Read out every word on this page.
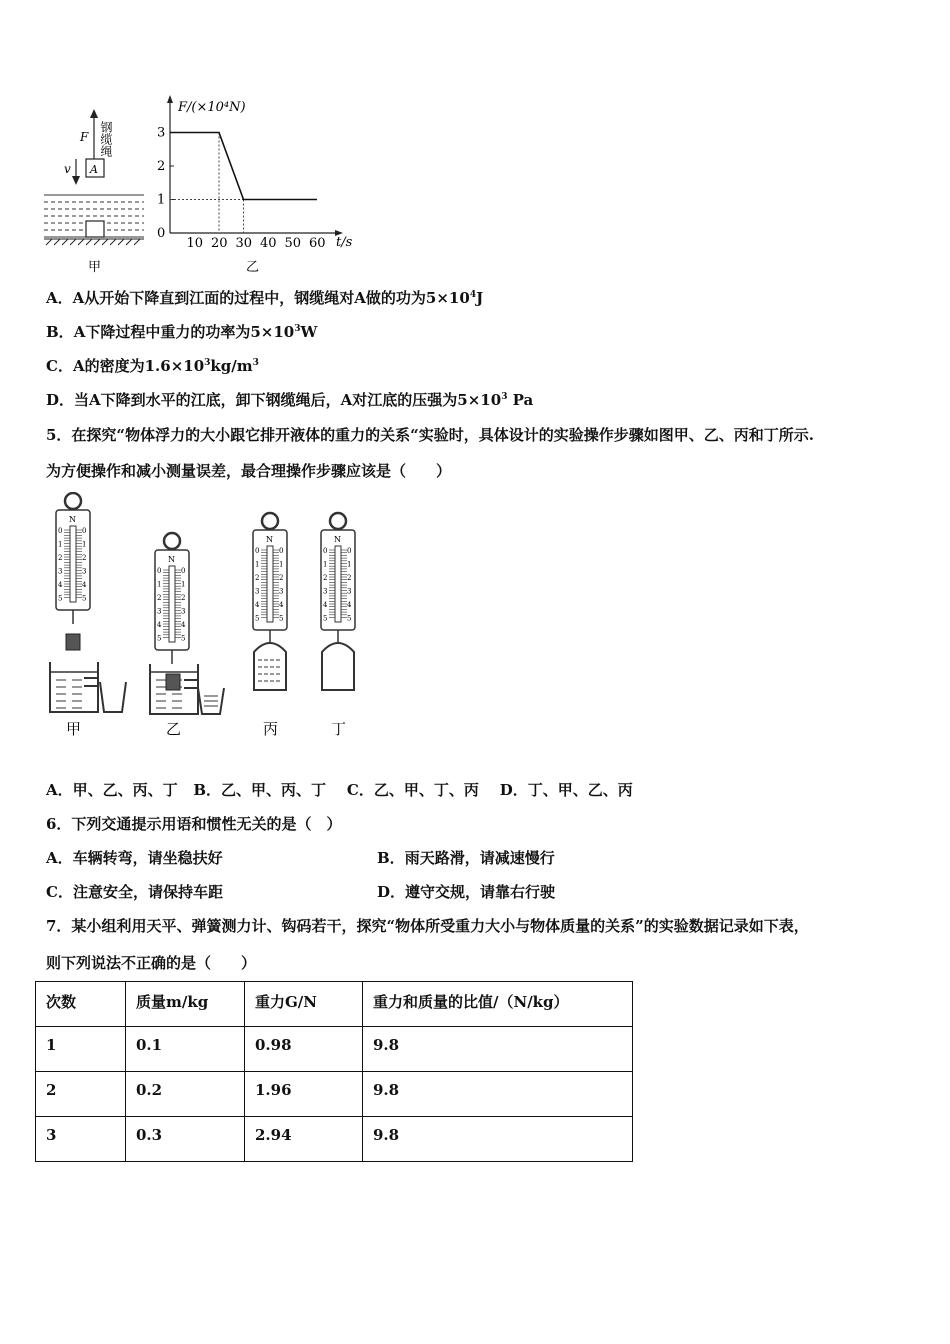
钢缆绳
F
v A
甲
F/(×10⁴N)
t/s
乙
10 20 30 40 50 60
0
1
2
3
A．A从开始下降直到江面的过程中，钢缆绳对A做的功为$5\times 10^4J$
B．A下降过程中重力的功率为$5\times 10^3W$
C．A的密度为$1.6\times 10^3kg/m^3$
D．当A下降到水平的江底，卸下钢缆绳后，A对江底的压强为$5\times 10^3$ Pa
5．在探究“物体浮力的大小跟它排开液体的重力的关系“实验时，具体设计的实验操作步骤如图甲、乙、丙和丁所示.
为方便操作和减小测量误差，最合理操作步骤应该是（　　）
N
0	0
1	1
2	2
3	3
4	4
5	5
N
0	0
1	1
2	2
3	3
4	4
5	5
N
0	0
1	1
2	2
3	3
4	4
5	5
N
0	0
1	1
2	2
3	3
4	4
5	5
甲	乙	丙	丁
A．甲、乙、丙、丁 B．乙、甲、丙、丁 C．乙、甲、丁、丙 D．丁、甲、乙、丙
6．下列交通提示用语和惯性无关的是（　）
A．车辆转弯，请坐稳扶好	B．雨天路滑，请减速慢行
C．注意安全，请保持车距	D．遵守交规，请靠右行驶
7．某小组利用天平、弹簧测力计、钩码若干，探究“物体所受重力大小与物体质量的关系”的实验数据记录如下表，
则下列说法不正确的是（　　）
次数	质量m/kg	重力G/N	重力和质量的比值/（N/kg）
1	0.1	0.98	9.8
2	0.2	1.96	9.8
3	0.3	2.94	9.8
